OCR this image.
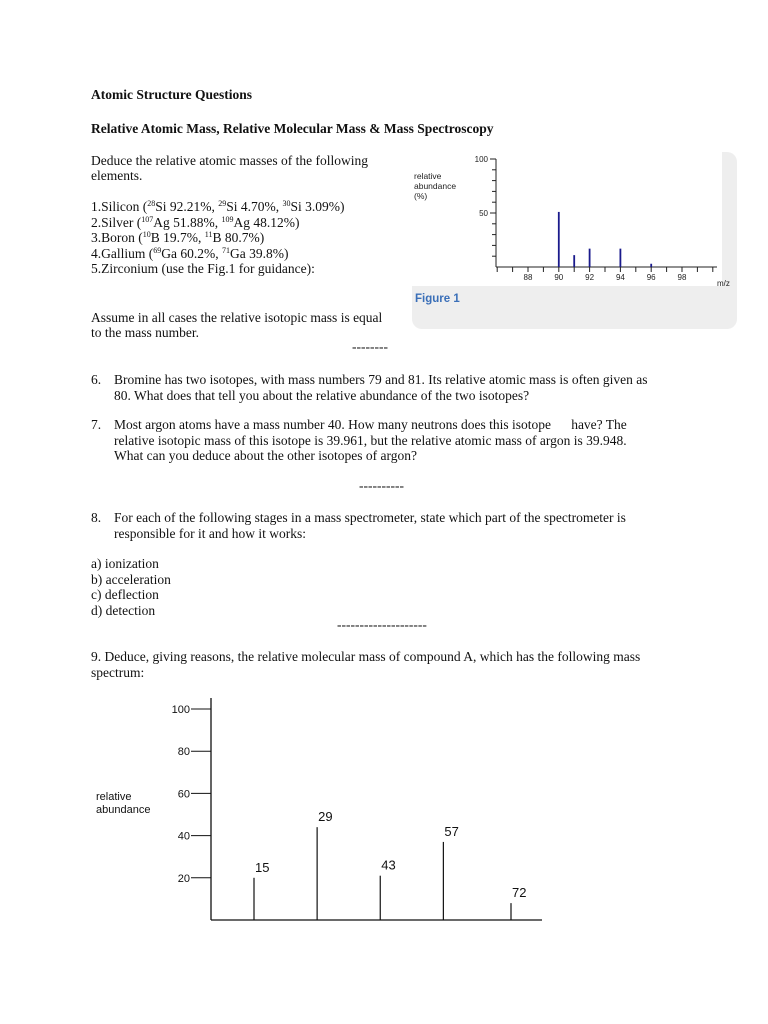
Atomic Structure Questions
Relative Atomic Mass, Relative Molecular Mass & Mass Spectroscopy
Deduce the relative atomic masses of the following
elements.
1.Silicon ($^{28}$Si 92.21%, $^{29}$Si 4.70%, $^{30}$Si 3.09%)
2.Silver ($^{107}$Ag 51.88%, $^{109}$Ag 48.12%)
3.Boron ($^{10}$B 19.7%, $^{11}$B 80.7%)
4.Gallium ($^{69}$Ga 60.2%, $^{71}$Ga 39.8%)
5.Zirconium (use the Fig.1 for guidance):
Assume in all cases the relative isotopic mass is equal
to the mass number.
--------
6. Bromine has two isotopes, with mass numbers 79 and 81. Its relative atomic mass is often given as
80. What does that tell you about the relative abundance of the two isotopes?
7. Most argon atoms have a mass number 40. How many neutrons does this isotope      have? The
relative isotopic mass of this isotope is 39.961, but the relative atomic mass of argon is 39.948.
What can you deduce about the other isotopes of argon?
----------
8. For each of the following stages in a mass spectrometer, state which part of the spectrometer is
responsible for it and how it works:
a) ionization
b) acceleration
c) deflection
d) detection
--------------------
9. Deduce, giving reasons, the relative molecular mass of compound A, which has the following mass
spectrum:
50
100
88	90	92	94	96	98
relative
abundance
(%)
m/z
Figure 1
20
40
60
80
100
relative
abundance
15
29
43
57
72
